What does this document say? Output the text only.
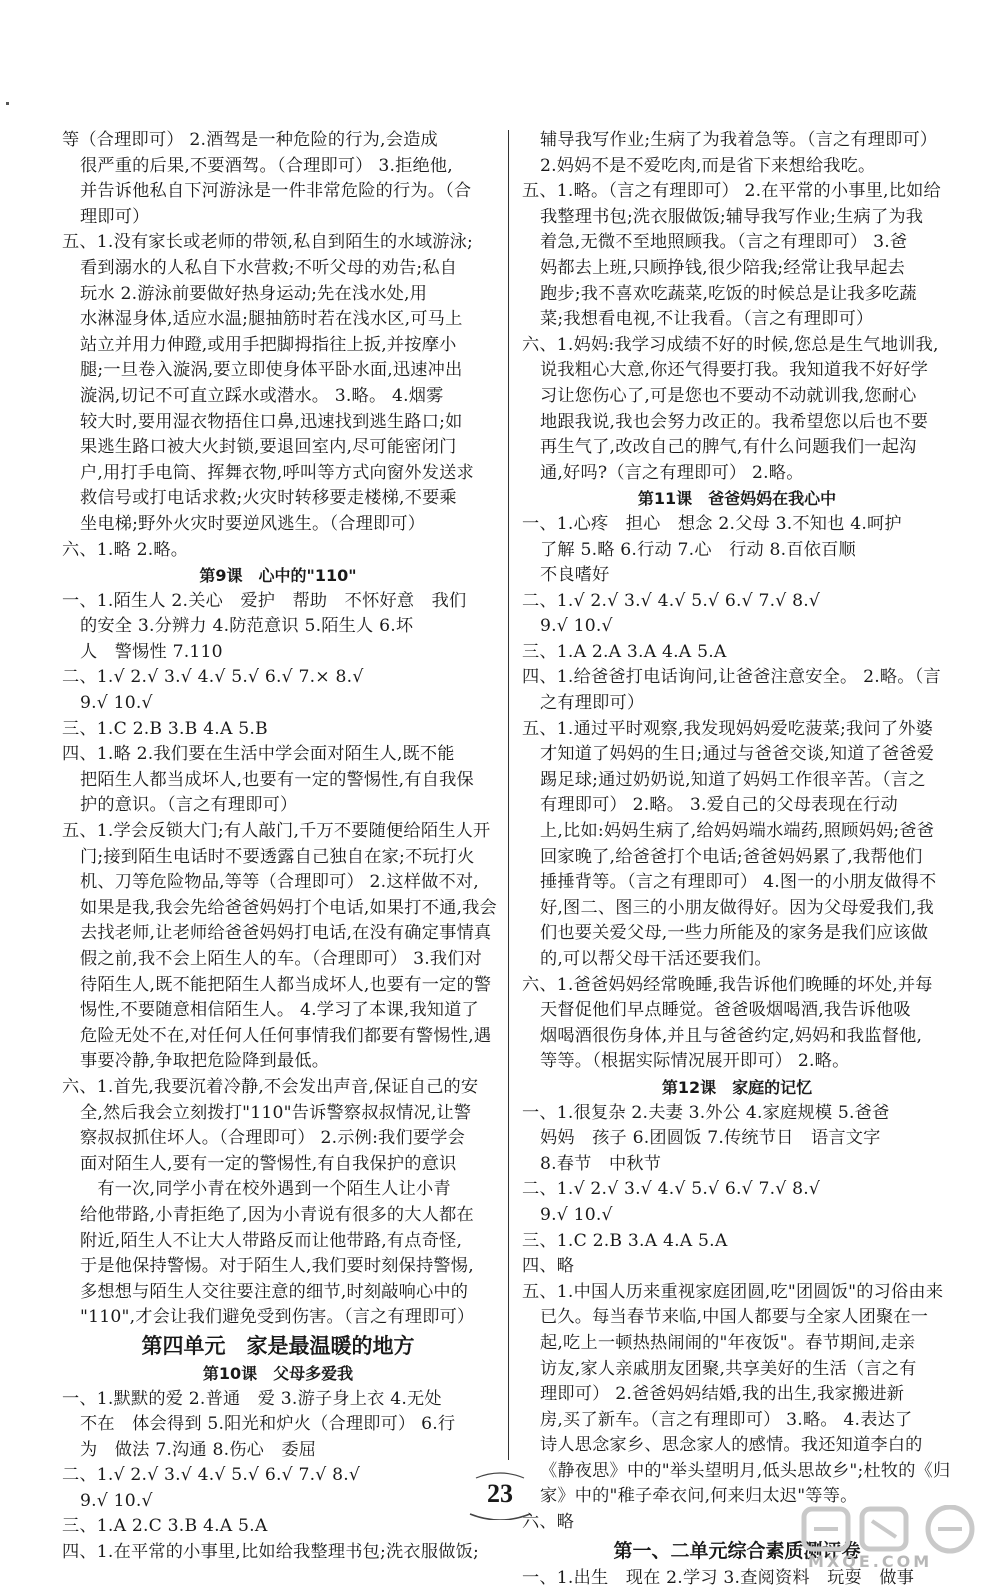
等（合理即可） 2.酒驾是一种危险的行为,会造成
很严重的后果,不要酒驾。（合理即可） 3.拒绝他,
并告诉他私自下河游泳是一件非常危险的行为。（合
理即可）
五、1.没有家长或老师的带领,私自到陌生的水域游泳;
看到溺水的人私自下水营救;不听父母的劝告;私自
玩水 2.游泳前要做好热身运动;先在浅水处,用
水淋湿身体,适应水温;腿抽筋时若在浅水区,可马上
站立并用力伸蹬,或用手把脚拇指往上扳,并按摩小
腿;一旦卷入漩涡,要立即使身体平卧水面,迅速冲出
漩涡,切记不可直立踩水或潜水。 3.略。 4.烟雾
较大时,要用湿衣物捂住口鼻,迅速找到逃生路口;如
果逃生路口被大火封锁,要退回室内,尽可能密闭门
户,用打手电筒、挥舞衣物,呼叫等方式向窗外发送求
救信号或打电话求救;火灾时转移要走楼梯,不要乘
坐电梯;野外火灾时要逆风逃生。（合理即可）
六、1.略 2.略。
第9课　心中的"110"
一、1.陌生人 2.关心　爱护　帮助　不怀好意　我们
的安全 3.分辨力 4.防范意识 5.陌生人 6.坏
人　警惕性 7.110
二、1.√ 2.√ 3.√ 4.√ 5.√ 6.√ 7.× 8.√
9.√ 10.√
三、1.C 2.B 3.B 4.A 5.B
四、1.略 2.我们要在生活中学会面对陌生人,既不能
把陌生人都当成坏人,也要有一定的警惕性,有自我保
护的意识。（言之有理即可）
五、1.学会反锁大门;有人敲门,千万不要随便给陌生人开
门;接到陌生电话时不要透露自己独自在家;不玩打火
机、刀等危险物品,等等（合理即可） 2.这样做不对,
如果是我,我会先给爸爸妈妈打个电话,如果打不通,我会
去找老师,让老师给爸爸妈妈打电话,在没有确定事情真
假之前,我不会上陌生人的车。（合理即可） 3.我们对
待陌生人,既不能把陌生人都当成坏人,也要有一定的警
惕性,不要随意相信陌生人。 4.学习了本课,我知道了
危险无处不在,对任何人任何事情我们都要有警惕性,遇
事要冷静,争取把危险降到最低。
六、1.首先,我要沉着冷静,不会发出声音,保证自己的安
全,然后我会立刻拨打"110"告诉警察叔叔情况,让警
察叔叔抓住坏人。（合理即可） 2.示例:我们要学会
面对陌生人,要有一定的警惕性,有自我保护的意识
　有一次,同学小青在校外遇到一个陌生人让小青
给他带路,小青拒绝了,因为小青说有很多的大人都在
附近,陌生人不让大人带路反而让他带路,有点奇怪,
于是他保持警惕。对于陌生人,我们要时刻保持警惕,
多想想与陌生人交往要注意的细节,时刻敲响心中的
"110",才会让我们避免受到伤害。（言之有理即可）
第四单元　家是最温暖的地方
第10课　父母多爱我
一、1.默默的爱 2.普通　爱 3.游子身上衣 4.无处
不在　体会得到 5.阳光和炉火（合理即可） 6.行
为　做法 7.沟通 8.伤心　委屈
二、1.√ 2.√ 3.√ 4.√ 5.√ 6.√ 7.√ 8.√
9.√ 10.√
三、1.A 2.C 3.B 4.A 5.A
四、1.在平常的小事里,比如给我整理书包;洗衣服做饭;
辅导我写作业;生病了为我着急等。（言之有理即可）
2.妈妈不是不爱吃肉,而是省下来想给我吃。
五、1.略。（言之有理即可） 2.在平常的小事里,比如给
我整理书包;洗衣服做饭;辅导我写作业;生病了为我
着急,无微不至地照顾我。（言之有理即可） 3.爸
妈都去上班,只顾挣钱,很少陪我;经常让我早起去
跑步;我不喜欢吃蔬菜,吃饭的时候总是让我多吃蔬
菜;我想看电视,不让我看。（言之有理即可）
六、1.妈妈:我学习成绩不好的时候,您总是生气地训我,
说我粗心大意,你还气得要打我。我知道我不好好学
习让您伤心了,可是您也不要动不动就训我,您耐心
地跟我说,我也会努力改正的。我希望您以后也不要
再生气了,改改自己的脾气,有什么问题我们一起沟
通,好吗?（言之有理即可） 2.略。
第11课　爸爸妈妈在我心中
一、1.心疼　担心　想念 2.父母 3.不知也 4.呵护
了解 5.略 6.行动 7.心　行动 8.百依百顺
不良嗜好
二、1.√ 2.√ 3.√ 4.√ 5.√ 6.√ 7.√ 8.√
9.√ 10.√
三、1.A 2.A 3.A 4.A 5.A
四、1.给爸爸打电话询问,让爸爸注意安全。 2.略。（言
之有理即可）
五、1.通过平时观察,我发现妈妈爱吃菠菜;我问了外婆
才知道了妈妈的生日;通过与爸爸交谈,知道了爸爸爱
踢足球;通过奶奶说,知道了妈妈工作很辛苦。（言之
有理即可） 2.略。 3.爱自己的父母表现在行动
上,比如:妈妈生病了,给妈妈端水端药,照顾妈妈;爸爸
回家晚了,给爸爸打个电话;爸爸妈妈累了,我帮他们
捶捶背等。（言之有理即可） 4.图一的小朋友做得不
好,图二、图三的小朋友做得好。因为父母爱我们,我
们也要关爱父母,一些力所能及的家务是我们应该做
的,可以帮父母干活还要我们。
六、1.爸爸妈妈经常晚睡,我告诉他们晚睡的坏处,并每
天督促他们早点睡觉。爸爸吸烟喝酒,我告诉他吸
烟喝酒很伤身体,并且与爸爸约定,妈妈和我监督他,
等等。（根据实际情况展开即可） 2.略。
第12课　家庭的记忆
一、1.很复杂 2.夫妻 3.外公 4.家庭规模 5.爸爸
妈妈　孩子 6.团圆饭 7.传统节日　语言文字
8.春节　中秋节
二、1.√ 2.√ 3.√ 4.√ 5.√ 6.√ 7.√ 8.√
9.√ 10.√
三、1.C 2.B 3.A 4.A 5.A
四、略
五、1.中国人历来重视家庭团圆,吃"团圆饭"的习俗由来
已久。每当春节来临,中国人都要与全家人团聚在一
起,吃上一顿热热闹闹的"年夜饭"。春节期间,走亲
访友,家人亲戚朋友团聚,共享美好的生活（言之有
理即可） 2.爸爸妈妈结婚,我的出生,我家搬进新
房,买了新车。（言之有理即可） 3.略。 4.表达了
诗人思念家乡、思念家人的感情。我还知道李白的
《静夜思》中的"举头望明月,低头思故乡";杜牧的《归
家》中的"稚子牵衣问,何来归太迟"等等。
六、略
第一、二单元综合素质测评卷
一、1.出生　现在 2.学习 3.查阅资料　玩耍　做事
23
MXQE.COM
